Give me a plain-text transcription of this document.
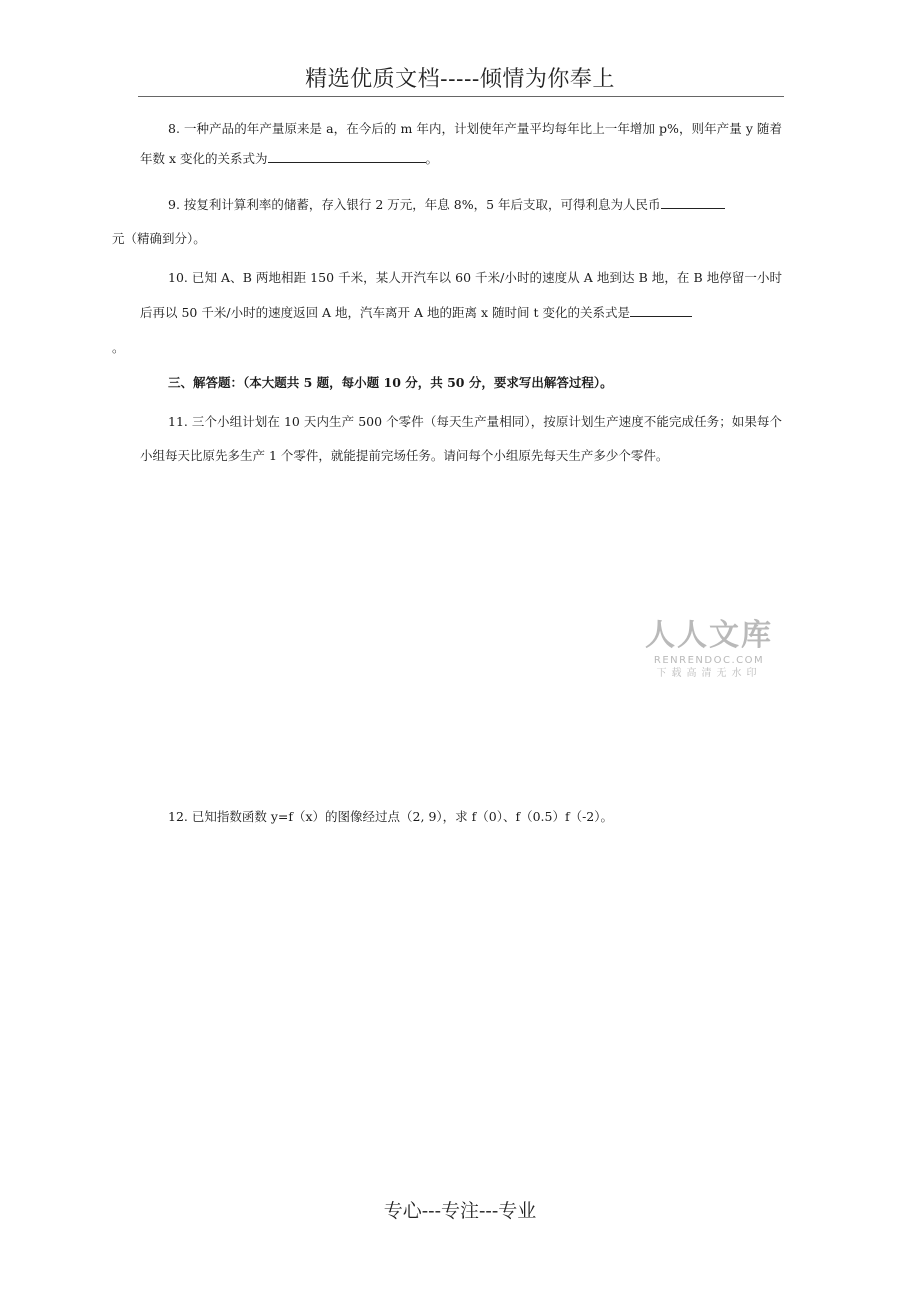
精选优质文档-----倾情为你奉上
8. 一种产品的年产量原来是 a，在今后的 m 年内，计划使年产量平均每年比上一年增加 p%，则年产量 y 随着年数 x 变化的关系式为	。
9. 按复利计算利率的储蓄，存入银行 2 万元，年息 8%，5 年后支取，可得利息为人民币
元（精确到分）。
10. 已知 A、B 两地相距 150 千米，某人开汽车以 60 千米/小时的速度从 A 地到达 B 地，在 B 地停留一小时后再以 50 千米/小时的速度返回 A 地，汽车离开 A 地的距离 x 随时间 t 变化的关系式是
。
三、解答题：（本大题共 5 题，每小题 10 分，共 50 分，要求写出解答过程）。
11. 三个小组计划在 10 天内生产 500 个零件（每天生产量相同），按原计划生产速度不能完成任务；如果每个小组每天比原先多生产 1 个零件，就能提前完场任务。请问每个小组原先每天生产多少个零件。
人人文库
RENRENDOC.COM
下载高清无水印
12. 已知指数函数 y=f（x）的图像经过点（2, 9），求 f（0）、f（0.5）f（-2）。
专心---专注---专业
